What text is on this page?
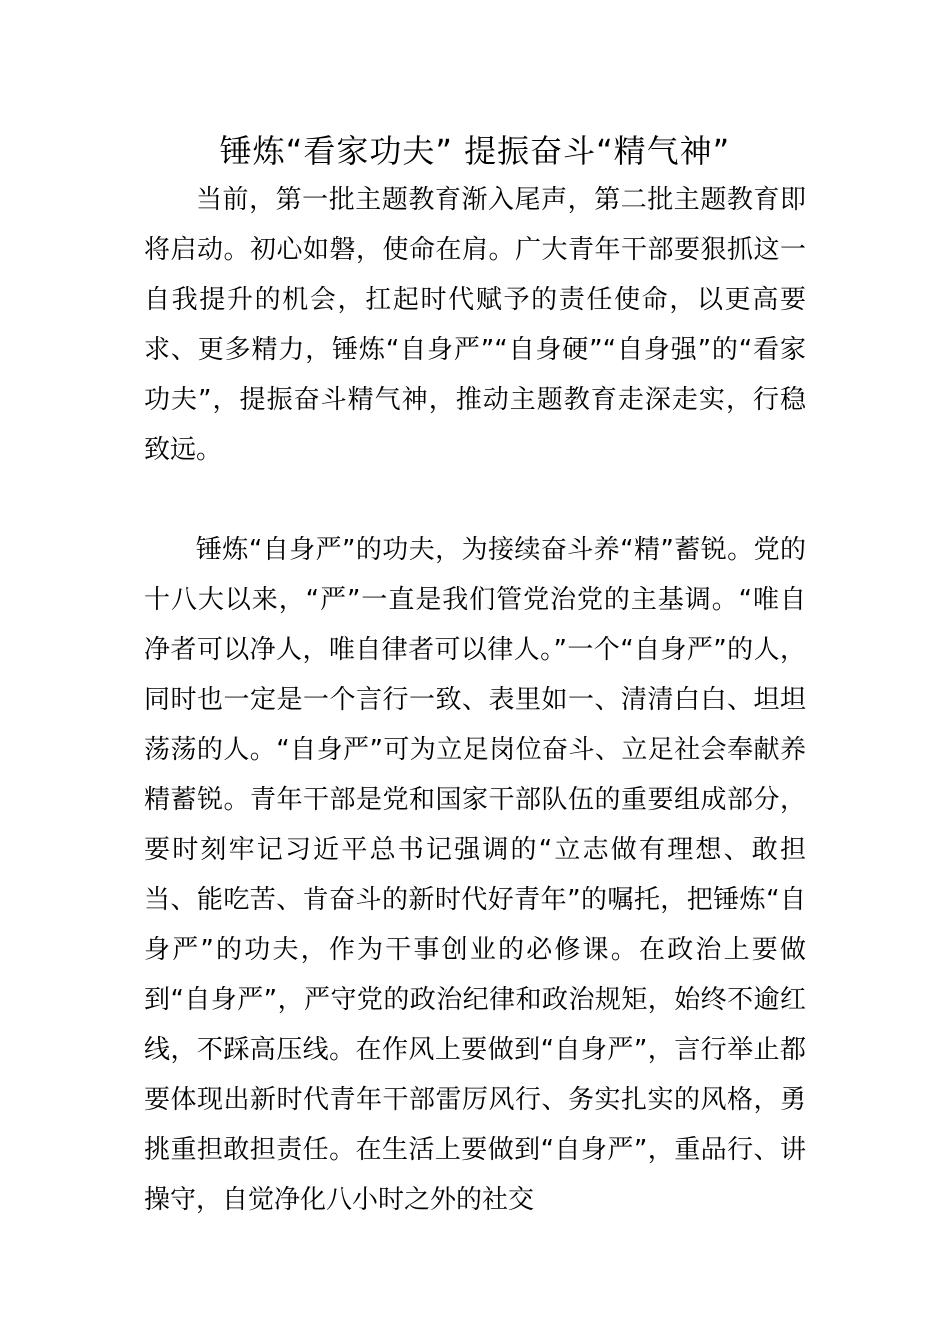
锤炼“看家功夫” 提振奋斗“精气神”

当前，第一批主题教育渐入尾声，第二批主题教育即将启动。初心如磐，使命在肩。广大青年干部要狠抓这一自我提升的机会，扛起时代赋予的责任使命，以更高要求、更多精力，锤炼“自身严”“自身硬”“自身强”的“看家功夫”，提振奋斗精气神，推动主题教育走深走实，行稳致远。

锤炼“自身严”的功夫，为接续奋斗养“精”蓄锐。党的十八大以来，“严”一直是我们管党治党的主基调。“唯自净者可以净人，唯自律者可以律人。”一个“自身严”的人，同时也一定是一个言行一致、表里如一、清清白白、坦坦荡荡的人。“自身严”可为立足岗位奋斗、立足社会奉献养精蓄锐。青年干部是党和国家干部队伍的重要组成部分，要时刻牢记习近平总书记强调的“立志做有理想、敢担当、能吃苦、肯奋斗的新时代好青年”的嘱托，把锤炼“自身严”的功夫，作为干事创业的必修课。在政治上要做到“自身严”，严守党的政治纪律和政治规矩，始终不逾红线，不踩高压线。在作风上要做到“自身严”，言行举止都要体现出新时代青年干部雷厉风行、务实扎实的风格，勇挑重担敢担责任。在生活上要做到“自身严”，重品行、讲操守，自觉净化八小时之外的社交
